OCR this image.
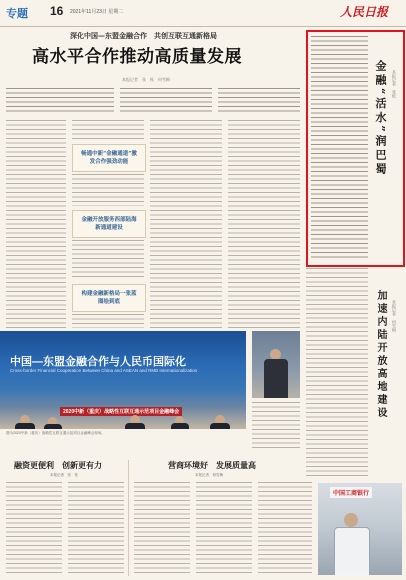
专题 16 2021年11月23日 星期二	人民日报
深化中国—东盟金融合作　共创互联互通新格局
高水平合作推动高质量发展
本报记者　张　枨　何雪梅
畅通中新“金融通道”激发合作强劲动能
金融开放服务西部陆海新通道建设
构建金融新格局一张蓝图绘到底
金融“活水”润巴蜀 本报记者　张枨
加速内陆开放高地建设	本报记者　何雪梅
中国—东盟金融合作与人民币国际化
Cross-border Financial Cooperation Between China and ASEAN and RMB Internationalization
2020中新（重庆）战略性互联互通示范项目金融峰会
图为2020中新（重庆）战略性互联互通示范项目金融峰会现场。
融资更便利　创新更有力
本报记者　张　枨
营商环境好　发展质量高
本报记者　何雪梅
中国工商银行
